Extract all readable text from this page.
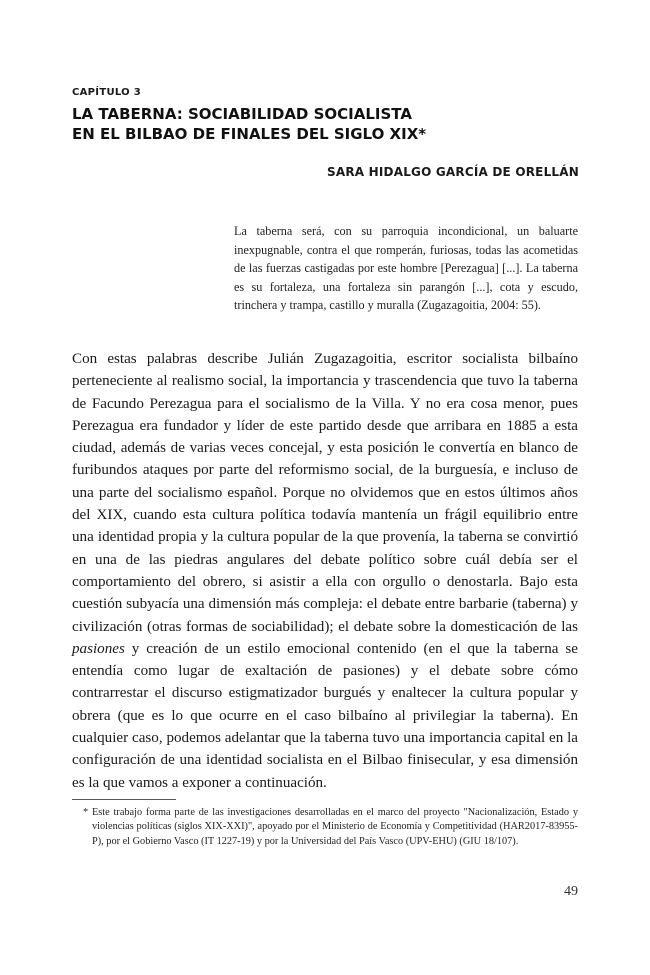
CAPÍTULO 3
LA TABERNA: SOCIABILIDAD SOCIALISTA
EN EL BILBAO DE FINALES DEL SIGLO XIX*
SARA HIDALGO GARCÍA DE ORELLÁN
La taberna será, con su parroquia incondicional, un baluarte inexpugnable, contra el que romperán, furiosas, todas las acometidas de las fuerzas castigadas por este hombre [Perezagua] [...]. La taberna es su fortaleza, una fortaleza sin parangón [...], cota y escudo, trinchera y trampa, castillo y muralla (Zugazagoitia, 2004: 55).
Con estas palabras describe Julián Zugazagoitia, escritor socialista bilbaíno perteneciente al realismo social, la importancia y trascendencia que tuvo la taberna de Facundo Perezagua para el socialismo de la Villa. Y no era cosa menor, pues Perezagua era fundador y líder de este partido desde que arribara en 1885 a esta ciudad, además de varias veces concejal, y esta posición le convertía en blanco de furibundos ataques por parte del reformismo social, de la burguesía, e incluso de una parte del socialismo español. Porque no olvidemos que en estos últimos años del XIX, cuando esta cultura política todavía mantenía un frágil equilibrio entre una identidad propia y la cultura popular de la que provenía, la taberna se convirtió en una de las piedras angulares del debate político sobre cuál debía ser el comportamiento del obrero, si asistir a ella con orgullo o denostarla. Bajo esta cuestión subyacía una dimensión más compleja: el debate entre barbarie (taberna) y civilización (otras formas de sociabilidad); el debate sobre la domesticación de las pasiones y creación de un estilo emocional contenido (en el que la taberna se entendía como lugar de exaltación de pasiones) y el debate sobre cómo contrarrestar el discurso estigmatizador burgués y enaltecer la cultura popular y obrera (que es lo que ocurre en el caso bilbaíno al privilegiar la taberna). En cualquier caso, podemos adelantar que la taberna tuvo una importancia capital en la configuración de una identidad socialista en el Bilbao finisecular, y esa dimensión es la que vamos a exponer a continuación.
* Este trabajo forma parte de las investigaciones desarrolladas en el marco del proyecto "Nacionalización, Estado y violencias políticas (siglos XIX-XXI)", apoyado por el Ministerio de Economía y Competitividad (HAR2017-83955-P), por el Gobierno Vasco (IT 1227-19) y por la Universidad del País Vasco (UPV-EHU) (GIU 18/107).
49
